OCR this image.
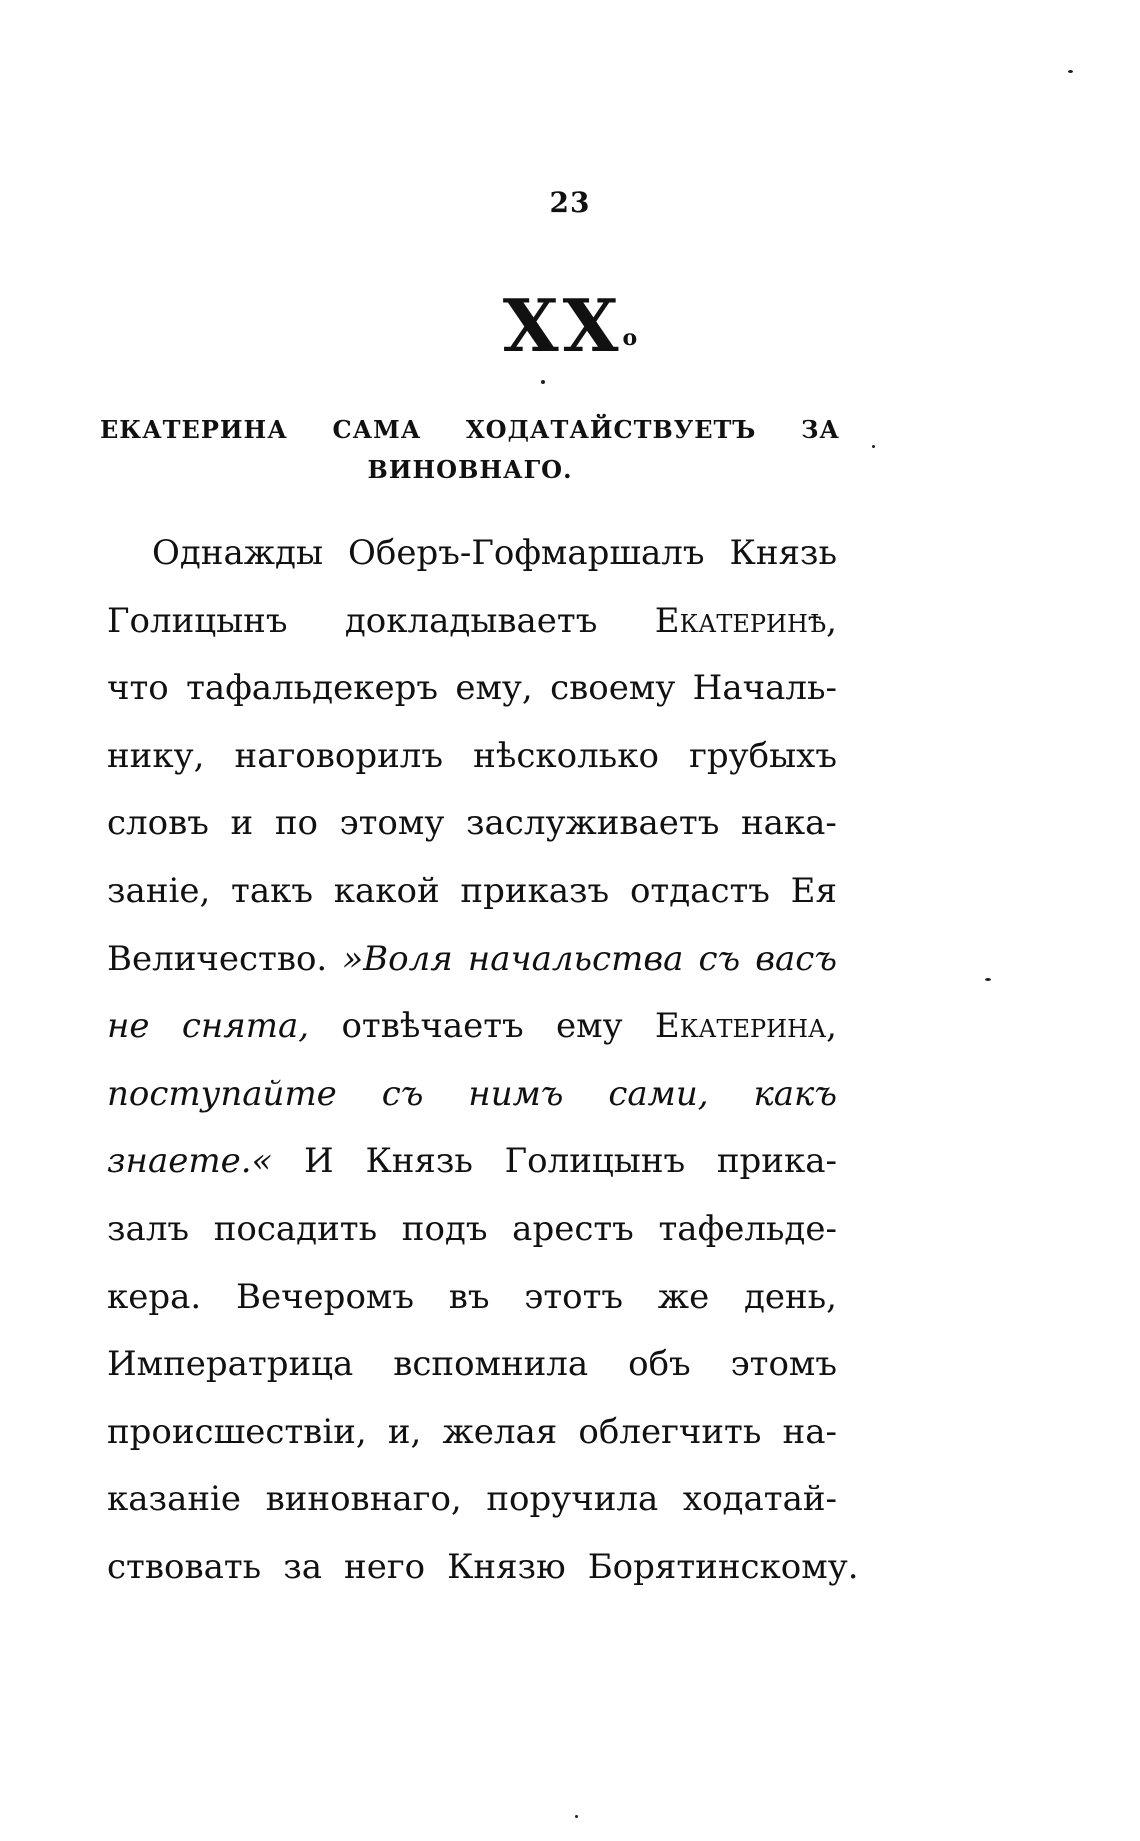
23
XXo
ЕКАТЕРИНА САМА ХОДАТАЙСТВУЕТЪ ЗА
ВИНОВНАГО.
Однажды Оберъ-Гофмаршалъ Князь
Голицынъ докладываетъ Екатеринѣ,
что тафальдекеръ ему, своему Началь-
нику, наговорилъ нѣсколько грубыхъ
словъ и по этому заслуживаетъ нака-
заніе, такъ какой приказъ отдастъ Ея
Величество. »Воля начальства съ васъ
не снята, отвѣчаетъ ему Екатерина,
поступайте съ нимъ сами, какъ
знаете.« И Князь Голицынъ прика-
залъ посадить подъ арестъ тафельде-
кера. Вечеромъ въ этотъ же день,
Императрица вспомнила объ этомъ
происшествіи, и, желая облегчить на-
казаніе виновнаго, поручила ходатай-
ствовать за него Князю Борятинскому.
